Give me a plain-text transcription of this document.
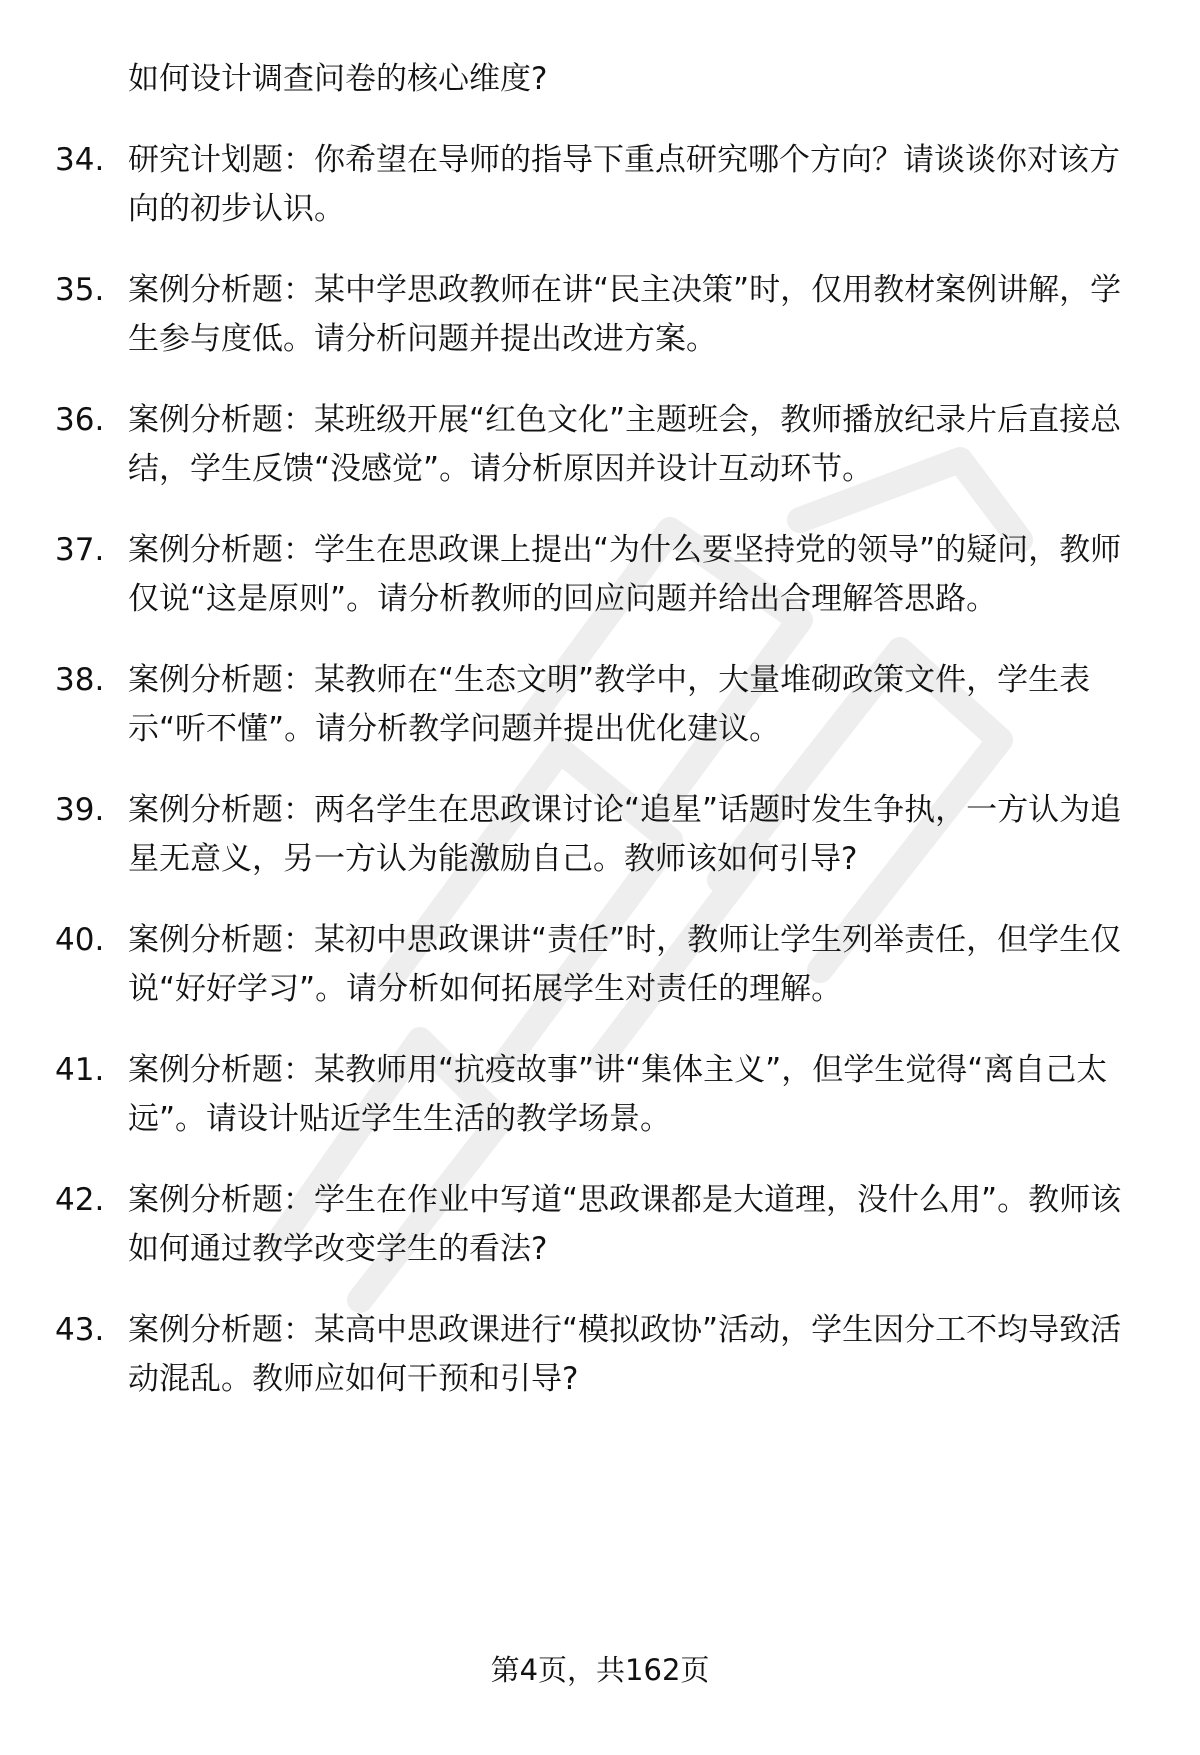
如何设计调查问卷的核心维度?
34. 研究计划题：你希望在导师的指导下重点研究哪个方向？请谈谈你对该方向的初步认识。
35. 案例分析题：某中学思政教师在讲“民主决策”时，仅用教材案例讲解，学生参与度低。请分析问题并提出改进方案。
36. 案例分析题：某班级开展“红色文化”主题班会，教师播放纪录片后直接总结，学生反馈“没感觉”。请分析原因并设计互动环节。
37. 案例分析题：学生在思政课上提出“为什么要坚持党的领导”的疑问，教师仅说“这是原则”。请分析教师的回应问题并给出合理解答思路。
38. 案例分析题：某教师在“生态文明”教学中，大量堆砌政策文件，学生表示“听不懂”。请分析教学问题并提出优化建议。
39. 案例分析题：两名学生在思政课讨论“追星”话题时发生争执，一方认为追星无意义，另一方认为能激励自己。教师该如何引导?
40. 案例分析题：某初中思政课讲“责任”时，教师让学生列举责任，但学生仅说“好好学习”。请分析如何拓展学生对责任的理解。
41. 案例分析题：某教师用“抗疫故事”讲“集体主义”，但学生觉得“离自己太远”。请设计贴近学生生活的教学场景。
42. 案例分析题：学生在作业中写道“思政课都是大道理，没什么用”。教师该如何通过教学改变学生的看法?
43. 案例分析题：某高中思政课进行“模拟政协”活动，学生因分工不均导致活动混乱。教师应如何干预和引导?
第4页，共162页
